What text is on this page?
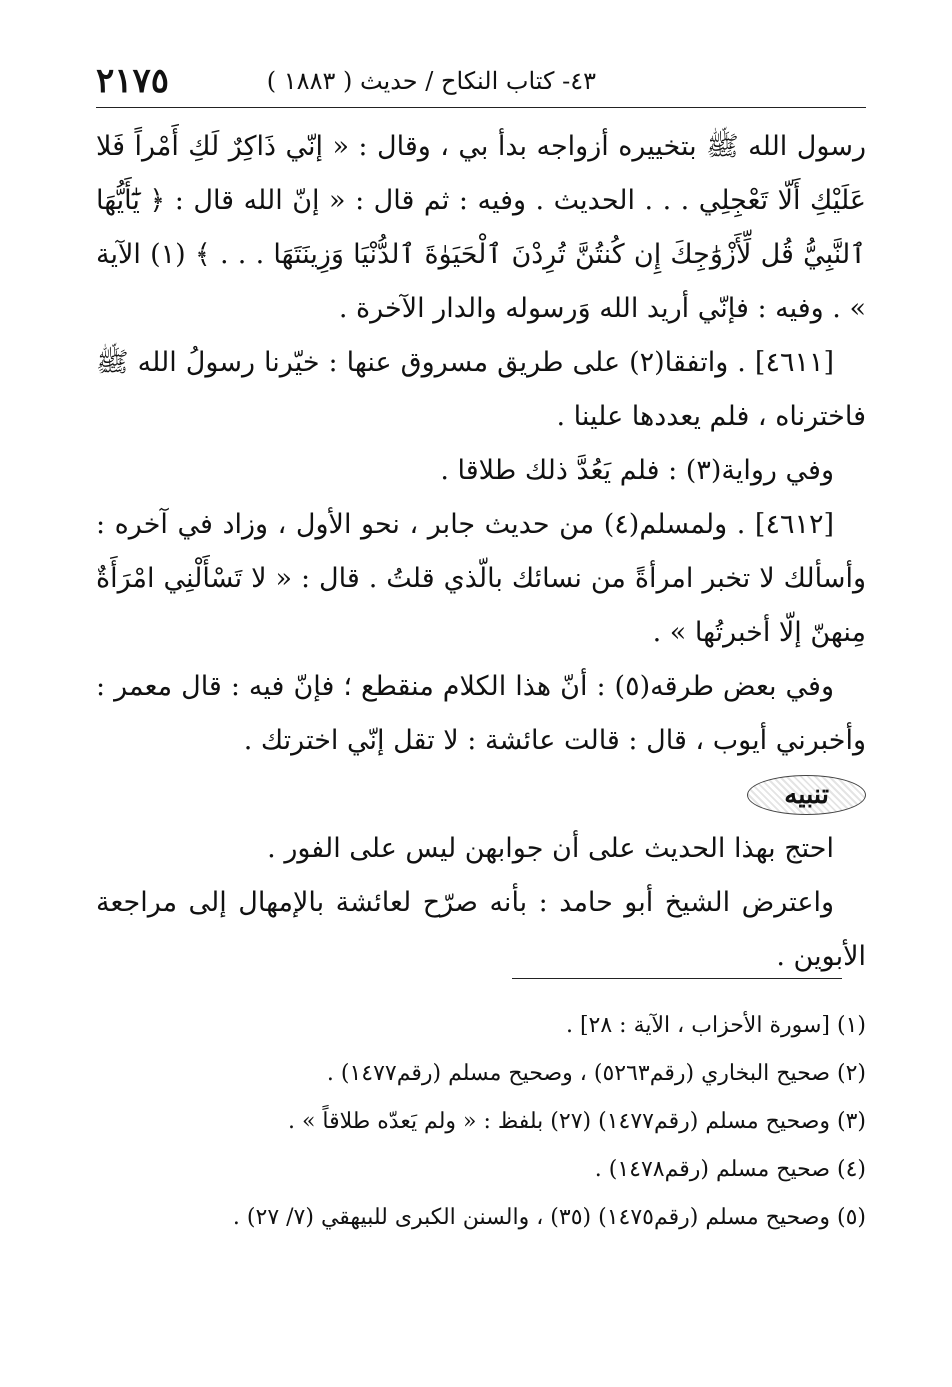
٤٣- كتاب النكاح / حديث ( ١٨٨٣ )
٢١٧٥

رسول الله ﷺ بتخييره أزواجه بدأ بي ، وقال : « إنّي ذَاكِرٌ لَكِ أَمْراً فَلا عَلَيْكِ أَلّا تَعْجِلِي . . . الحديث . وفيه : ثم قال : « إنّ الله قال : ﴿ يَٰٓأَيُّهَا ٱلنَّبِيُّ قُل لِّأَزْوَٰجِكَ إِن كُنتُنَّ تُرِدْنَ ٱلْحَيَوٰةَ ٱلدُّنْيَا وَزِينَتَهَا . . . ﴾ (١) الآية » . وفيه : فإنّي أريد الله وَرسوله والدار الآخرة .

[٤٦١١] . واتفقا(٢) على طريق مسروق عنها : خيّرنا رسولُ الله ﷺ فاخترناه ، فلم يعددها علينا .

وفي رواية(٣) : فلم يَعُدَّ ذلك طلاقا .

[٤٦١٢] . ولمسلم(٤) من حديث جابر ، نحو الأول ، وزاد في آخره : وأسألك لا تخبر امرأةً من نسائك بالّذي قلتُ . قال : « لا تَسْأَلْنِي امْرَأَةٌ مِنهنّ إلّا أخبرتُها » .

وفي بعض طرقه(٥) : أنّ هذا الكلام منقطع ؛ فإنّ فيه : قال معمر : وأخبرني أيوب ، قال : قالت عائشة : لا تقل إنّي اخترتك .

تنبيه

احتج بهذا الحديث على أن جوابهن ليس على الفور .

واعترض الشيخ أبو حامد : بأنه صرّح لعائشة بالإمهال إلى مراجعة الأبوين .

(١) [سورة الأحزاب ، الآية : ٢٨] .

(٢) صحيح البخاري (رقم٥٢٦٣) ، وصحيح مسلم (رقم١٤٧٧) .

(٣) وصحيح مسلم (رقم١٤٧٧) (٢٧) بلفظ : « ولم يَعدّه طلاقاً » .

(٤) صحيح مسلم (رقم١٤٧٨) .

(٥) وصحيح مسلم (رقم١٤٧٥) (٣٥) ، والسنن الكبرى للبيهقي (٧/ ٢٧) .
